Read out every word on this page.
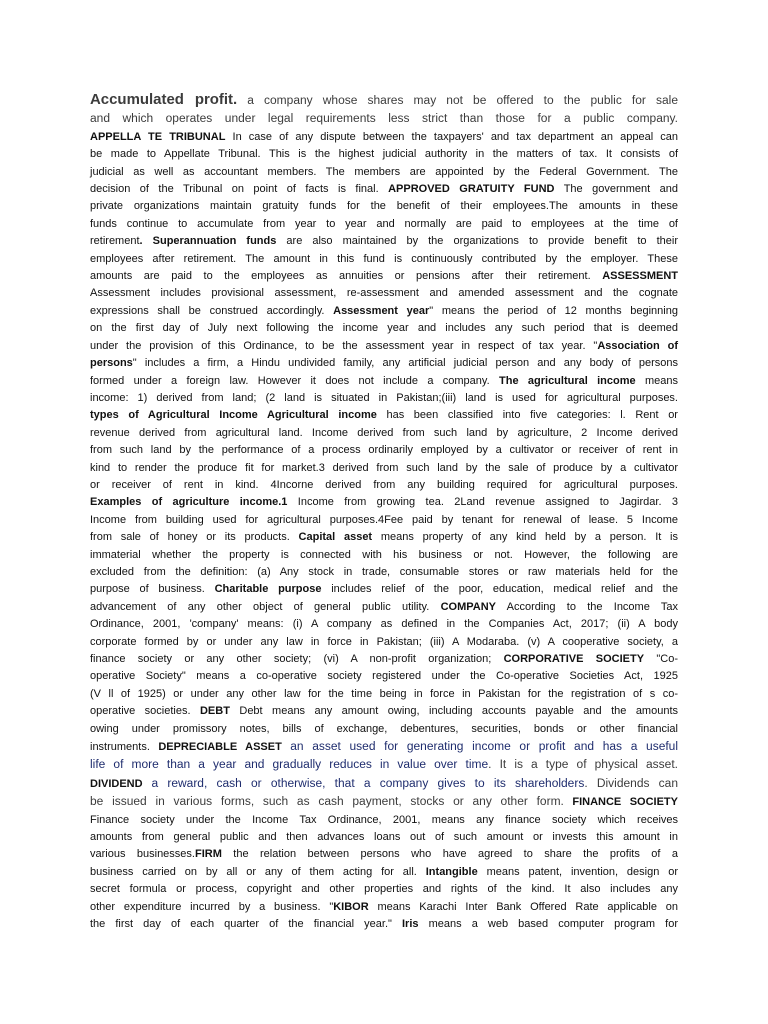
Accumulated profit. a company whose shares may not be offered to the public for sale
and which operates under legal requirements less strict than those for a public company.
APPELLA TE TRIBUNAL In case of any dispute between the taxpayers' and tax department an appeal can
be made to Appellate Tribunal. This is the highest judicial authority in the matters of tax. It consists of
judicial as well as accountant members. The members are appointed by the Federal Government. The
decision of the Tribunal on point of facts is final. APPROVED GRATUITY FUND The government and
private organizations maintain gratuity funds for the benefit of their employees.The amounts in these
funds continue to accumulate from year to year and normally are paid to employees at the time of
retirement. Superannuation funds are also maintained by the organizations to provide benefit to their
employees after retirement. The amount in this fund is continuously contributed by the employer. These
amounts are paid to the employees as annuities or pensions after their retirement. ASSESSMENT
Assessment includes provisional assessment, re-assessment and amended assessment and the cognate
expressions shall be construed accordingly. Assessment year" means the period of 12 months beginning
on the first day of July next following the income year and includes any such period that is deemed
under the provision of this Ordinance, to be the assessment year in respect of tax year. "Association of
persons" includes a firm, a Hindu undivided family, any artificial judicial person and any body of persons
formed under a foreign law. However it does not include a company. The agricultural income means
income: 1) derived from land; (2 land is situated in Pakistan;(iii) land is used for agricultural purposes.
types of Agricultural Income Agricultural income has been classified into five categories: l. Rent or
revenue derived from agricultural land. Income derived from such land by agriculture, 2 Income derived
from such land by the performance of a process ordinarily employed by a cultivator or receiver of rent in
kind to render the produce fit for market.3 derived from such land by the sale of produce by a cultivator
or receiver of rent in kind. 4Incorne derived from any building required for agricultural purposes.
Examples of agriculture income.1 Income from growing tea. 2Land revenue assigned to Jagirdar. 3
Income from building used for agricultural purposes.4Fee paid by tenant for renewal of lease. 5 Income
from sale of honey or its products. Capital asset means property of any kind held by a person. It is
immaterial whether the property is connected with his business or not. However, the following are
excluded from the definition: (a) Any stock in trade, consumable stores or raw materials held for the
purpose of business. Charitable purpose includes relief of the poor, education, medical relief and the
advancement of any other object of general public utility. COMPANY According to the Income Tax
Ordinance, 2001, 'company' means: (i) A company as defined in the Companies Act, 2017; (ii) A body
corporate formed by or under any law in force in Pakistan; (iii) A Modaraba. (v) A cooperative society, a
finance society or any other society; (vi) A non-profit organization; CORPORATIVE SOCIETY "Co-
operative Society" means a co-operative society registered under the Co-operative Societies Act, 1925
(V ll of 1925) or under any other law for the time being in force in Pakistan for the registration of s co-
operative societies. DEBT Debt means any amount owing, including accounts payable and the amounts
owing under promissory notes, bills of exchange, debentures, securities, bonds or other financial
instruments. DEPRECIABLE ASSET an asset used for generating income or profit and has a useful
life of more than a year and gradually reduces in value over time. It is a type of physical asset.
DIVIDEND a reward, cash or otherwise, that a company gives to its shareholders. Dividends can
be issued in various forms, such as cash payment, stocks or any other form. FINANCE SOCIETY
Finance society under the Income Tax Ordinance, 2001, means any finance society which receives
amounts from general public and then advances loans out of such amount or invests this amount in
various businesses.FIRM the relation between persons who have agreed to share the profits of a
business carried on by all or any of them acting for all. Intangible means patent, invention, design or
secret formula or process, copyright and other properties and rights of the kind. It also includes any
other expenditure incurred by a business. "KIBOR means Karachi Inter Bank Offered Rate applicable on
the first day of each quarter of the financial year." Iris means a web based computer program for
